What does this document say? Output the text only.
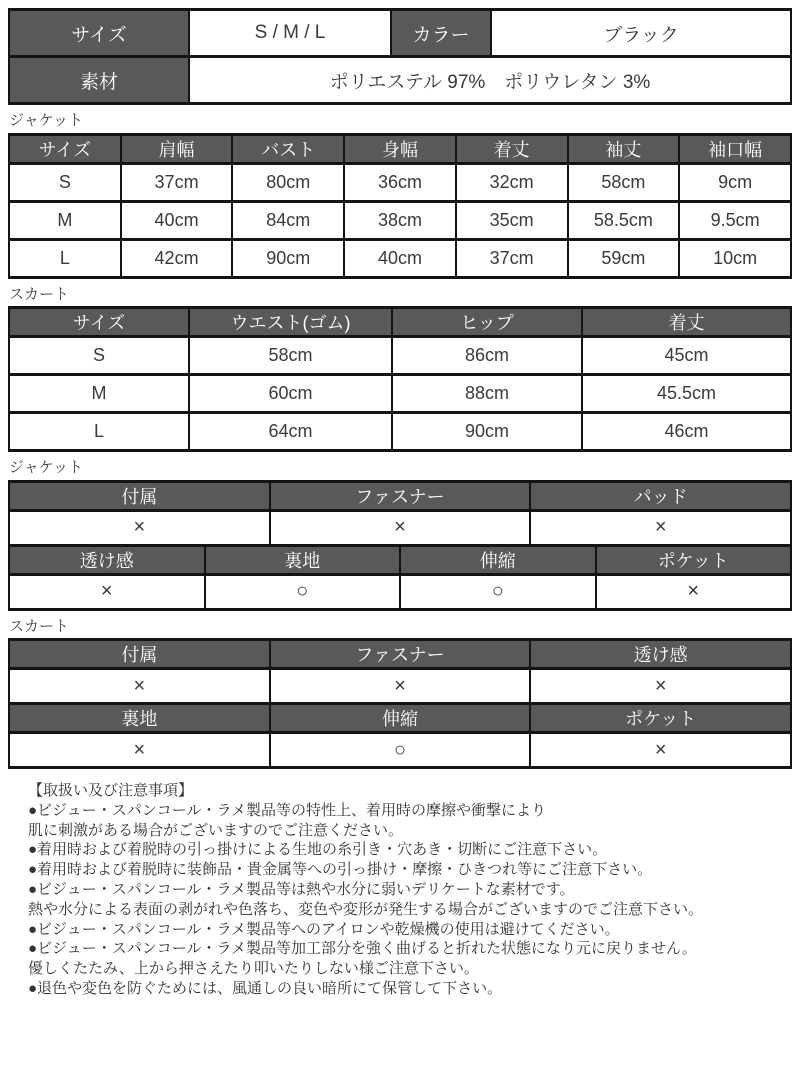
サイズ	S / M / L	カラー	ブラック
素材	ポリエステル 97%　ポリウレタン 3%		
ジャケット
サイズ	肩幅	バスト	身幅	着丈	袖丈	袖口幅
S	37cm	80cm	36cm	32cm	58cm	9cm
M	40cm	84cm	38cm	35cm	58.5cm	9.5cm
L	42cm	90cm	40cm	37cm	59cm	10cm
スカート
サイズ	ウエスト(ゴム)	ヒップ	着丈
S	58cm	86cm	45cm
M	60cm	88cm	45.5cm
L	64cm	90cm	46cm
ジャケット
付属	ファスナー	パッド
×	×	×
透け感	裏地	伸縮	ポケット
×	○	○	×
スカート
付属	ファスナー	透け感
×	×	×
裏地	伸縮	ポケット
×	○	×
【取扱い及び注意事項】
●ビジュー・スパンコール・ラメ製品等の特性上、着用時の摩擦や衝撃により
肌に刺激がある場合がございますのでご注意ください。
●着用時および着脱時の引っ掛けによる生地の糸引き・穴あき・切断にご注意下さい。
●着用時および着脱時に装飾品・貴金属等への引っ掛け・摩擦・ひきつれ等にご注意下さい。
●ビジュー・スパンコール・ラメ製品等は熱や水分に弱いデリケートな素材です。
熱や水分による表面の剥がれや色落ち、変色や変形が発生する場合がございますのでご注意下さい。
●ビジュー・スパンコール・ラメ製品等へのアイロンや乾燥機の使用は避けてください。
●ビジュー・スパンコール・ラメ製品等加工部分を強く曲げると折れた状態になり元に戻りません。
優しくたたみ、上から押さえたり叩いたりしない様ご注意下さい。
●退色や変色を防ぐためには、風通しの良い暗所にて保管して下さい。
